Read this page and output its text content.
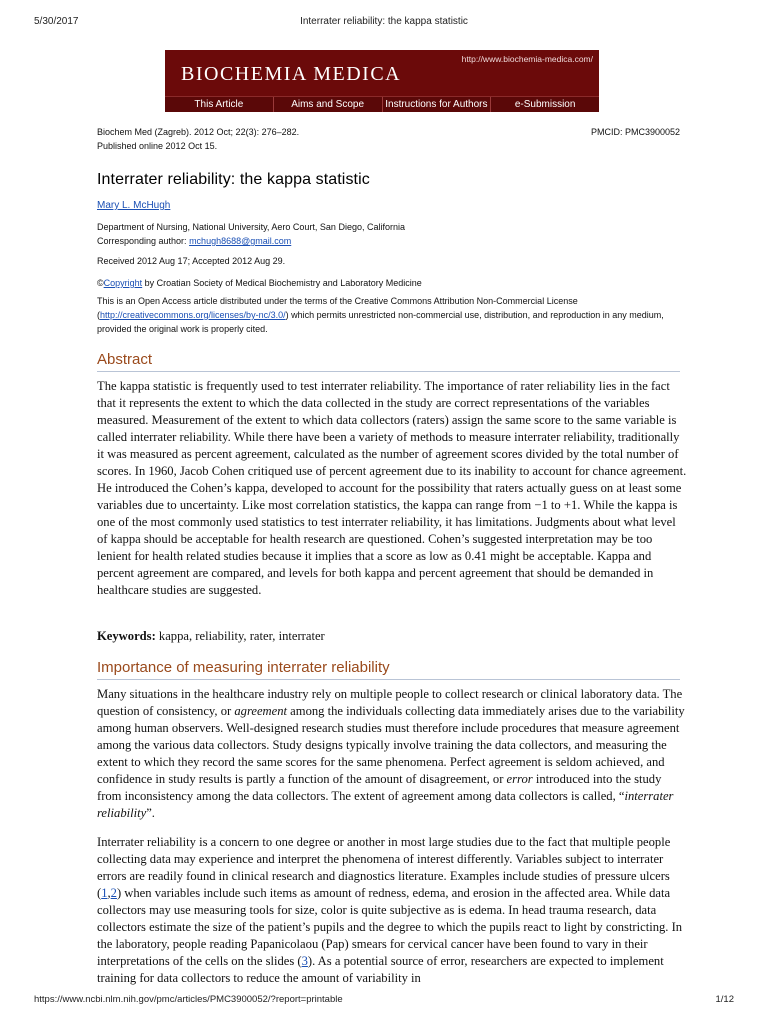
5/30/2017	Interrater reliability: the kappa statistic
BIOCHEMIA MEDICA
http://www.biochemia-medica.com/
This Article	Aims and Scope	Instructions for Authors	e-Submission
Biochem Med (Zagreb). 2012 Oct; 22(3): 276–282.
Published online 2012 Oct 15.
PMCID: PMC3900052
Interrater reliability: the kappa statistic
Mary L. McHugh
Department of Nursing, National University, Aero Court, San Diego, California
Corresponding author: mchugh8688@gmail.com
Received 2012 Aug 17; Accepted 2012 Aug 29.
©Copyright by Croatian Society of Medical Biochemistry and Laboratory Medicine
This is an Open Access article distributed under the terms of the Creative Commons Attribution Non-Commercial License (http://creativecommons.org/licenses/by-nc/3.0/) which permits unrestricted non-commercial use, distribution, and reproduction in any medium, provided the original work is properly cited.
Abstract

The kappa statistic is frequently used to test interrater reliability. The importance of rater reliability lies in the fact that it represents the extent to which the data collected in the study are correct representations of the variables measured. Measurement of the extent to which data collectors (raters) assign the same score to the same variable is called interrater reliability. While there have been a variety of methods to measure interrater reliability, traditionally it was measured as percent agreement, calculated as the number of agreement scores divided by the total number of scores. In 1960, Jacob Cohen critiqued use of percent agreement due to its inability to account for chance agreement. He introduced the Cohen’s kappa, developed to account for the possibility that raters actually guess on at least some variables due to uncertainty. Like most correlation statistics, the kappa can range from −1 to +1. While the kappa is one of the most commonly used statistics to test interrater reliability, it has limitations. Judgments about what level of kappa should be acceptable for health research are questioned. Cohen’s suggested interpretation may be too lenient for health related studies because it implies that a score as low as 0.41 might be acceptable. Kappa and percent agreement are compared, and levels for both kappa and percent agreement that should be demanded in healthcare studies are suggested.

Keywords: kappa, reliability, rater, interrater

Importance of measuring interrater reliability

Many situations in the healthcare industry rely on multiple people to collect research or clinical laboratory data. The question of consistency, or agreement among the individuals collecting data immediately arises due to the variability among human observers. Well-designed research studies must therefore include procedures that measure agreement among the various data collectors. Study designs typically involve training the data collectors, and measuring the extent to which they record the same scores for the same phenomena. Perfect agreement is seldom achieved, and confidence in study results is partly a function of the amount of disagreement, or error introduced into the study from inconsistency among the data collectors. The extent of agreement among data collectors is called, “interrater reliability”.

Interrater reliability is a concern to one degree or another in most large studies due to the fact that multiple people collecting data may experience and interpret the phenomena of interest differently. Variables subject to interrater errors are readily found in clinical research and diagnostics literature. Examples include studies of pressure ulcers (1,2) when variables include such items as amount of redness, edema, and erosion in the affected area. While data collectors may use measuring tools for size, color is quite subjective as is edema. In head trauma research, data collectors estimate the size of the patient’s pupils and the degree to which the pupils react to light by constricting. In the laboratory, people reading Papanicolaou (Pap) smears for cervical cancer have been found to vary in their interpretations of the cells on the slides (3). As a potential source of error, researchers are expected to implement training for data collectors to reduce the amount of variability in

https://www.ncbi.nlm.nih.gov/pmc/articles/PMC3900052/?report=printable	1/12
